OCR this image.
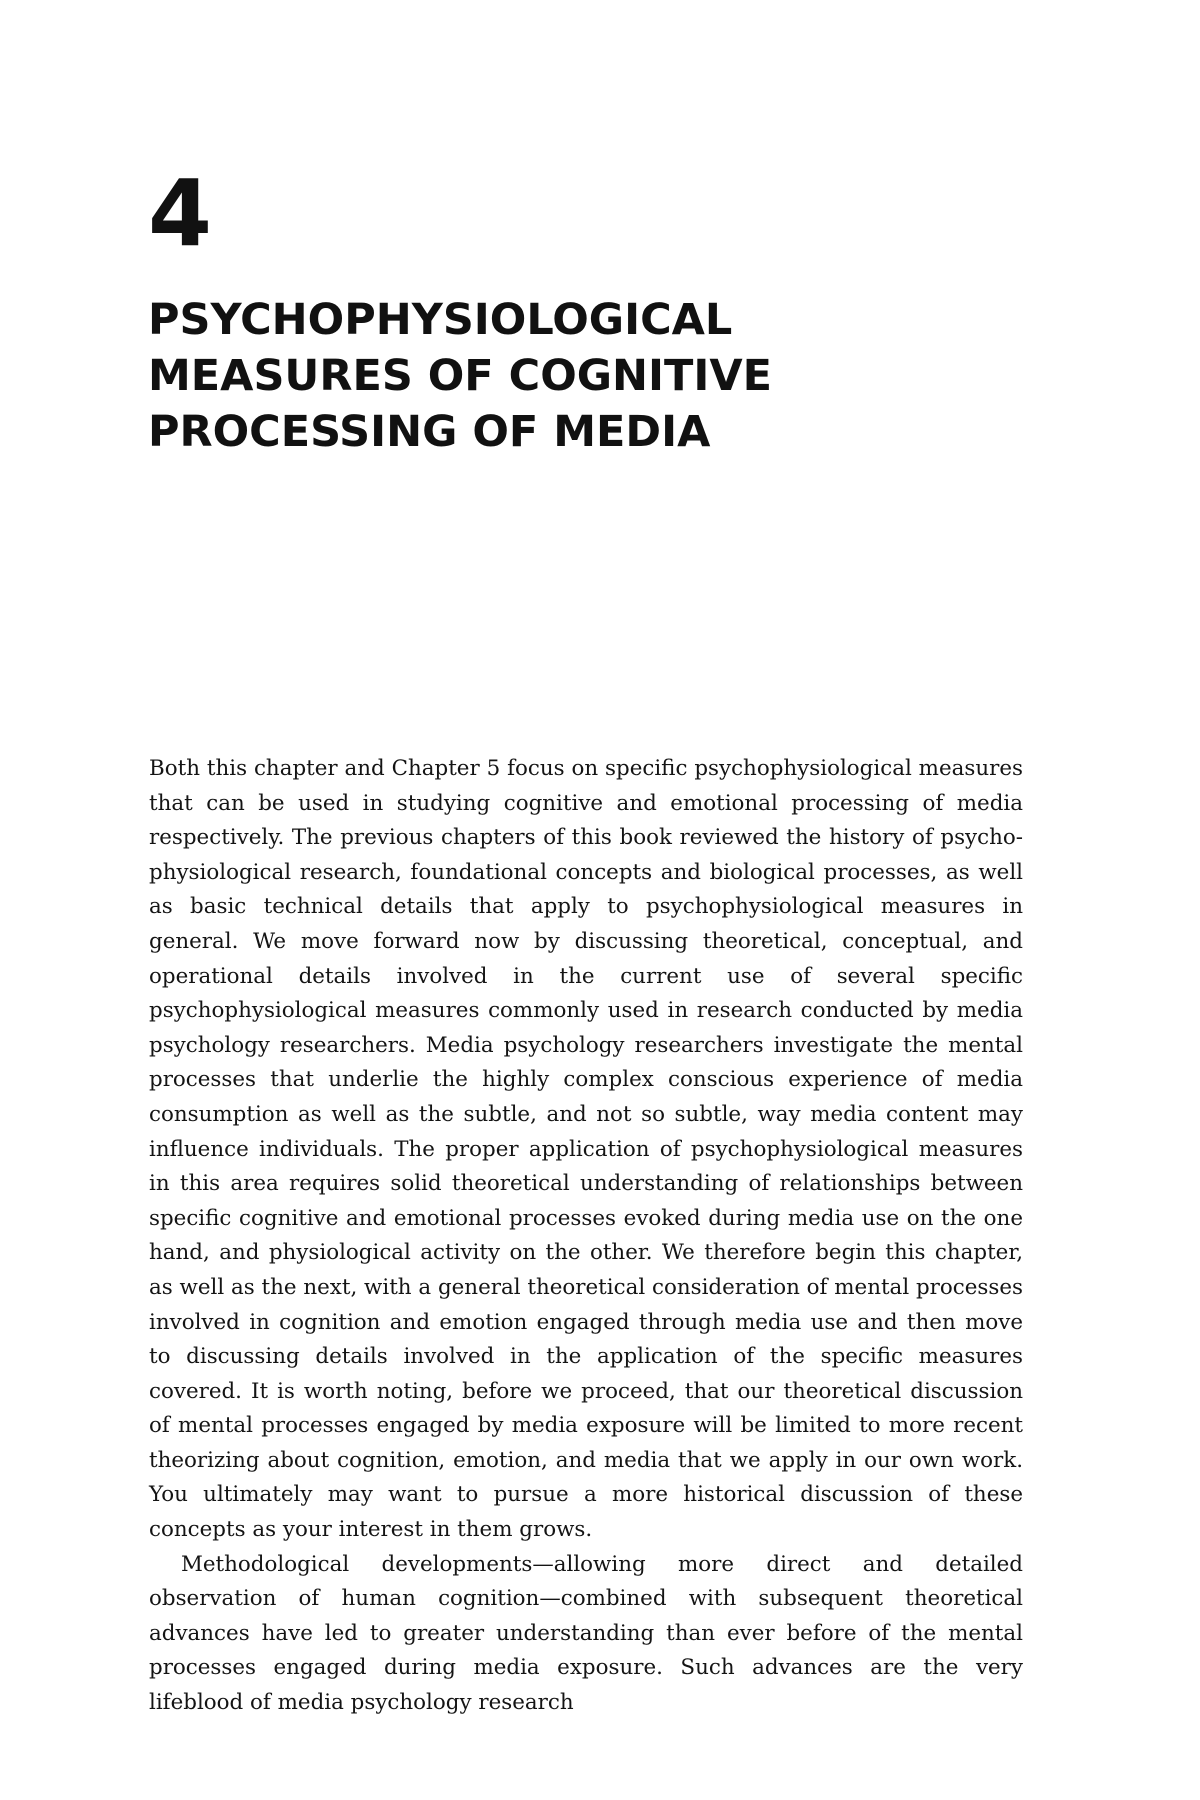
4
PSYCHOPHYSIOLOGICAL
MEASURES OF COGNITIVE
PROCESSING OF MEDIA

Both this chapter and Chapter 5 focus on specific psychophysiological measures that can be used in studying cognitive and emotional processing of media respectively. The previous chapters of this book reviewed the history of psycho-physiological research, foundational concepts and biological processes, as well as basic technical details that apply to psychophysiological measures in general. We move forward now by discussing theoretical, conceptual, and operational details involved in the current use of several specific psychophysiological measures commonly used in research conducted by media psychology researchers. Media psychology researchers investigate the mental processes that underlie the highly complex conscious experience of media consumption as well as the subtle, and not so subtle, way media content may influence individuals. The proper application of psychophysiological measures in this area requires solid theoretical understanding of relationships between specific cognitive and emotional processes evoked during media use on the one hand, and physiological activity on the other. We therefore begin this chapter, as well as the next, with a general theoretical consideration of mental processes involved in cognition and emotion engaged through media use and then move to discussing details involved in the application of the specific measures covered. It is worth noting, before we proceed, that our theoretical discussion of mental processes engaged by media exposure will be limited to more recent theorizing about cognition, emotion, and media that we apply in our own work. You ultimately may want to pursue a more historical discussion of these concepts as your interest in them grows.

Methodological developments—allowing more direct and detailed observation of human cognition—combined with subsequent theoretical advances have led to greater understanding than ever before of the mental processes engaged during media exposure. Such advances are the very lifeblood of media psychology research
